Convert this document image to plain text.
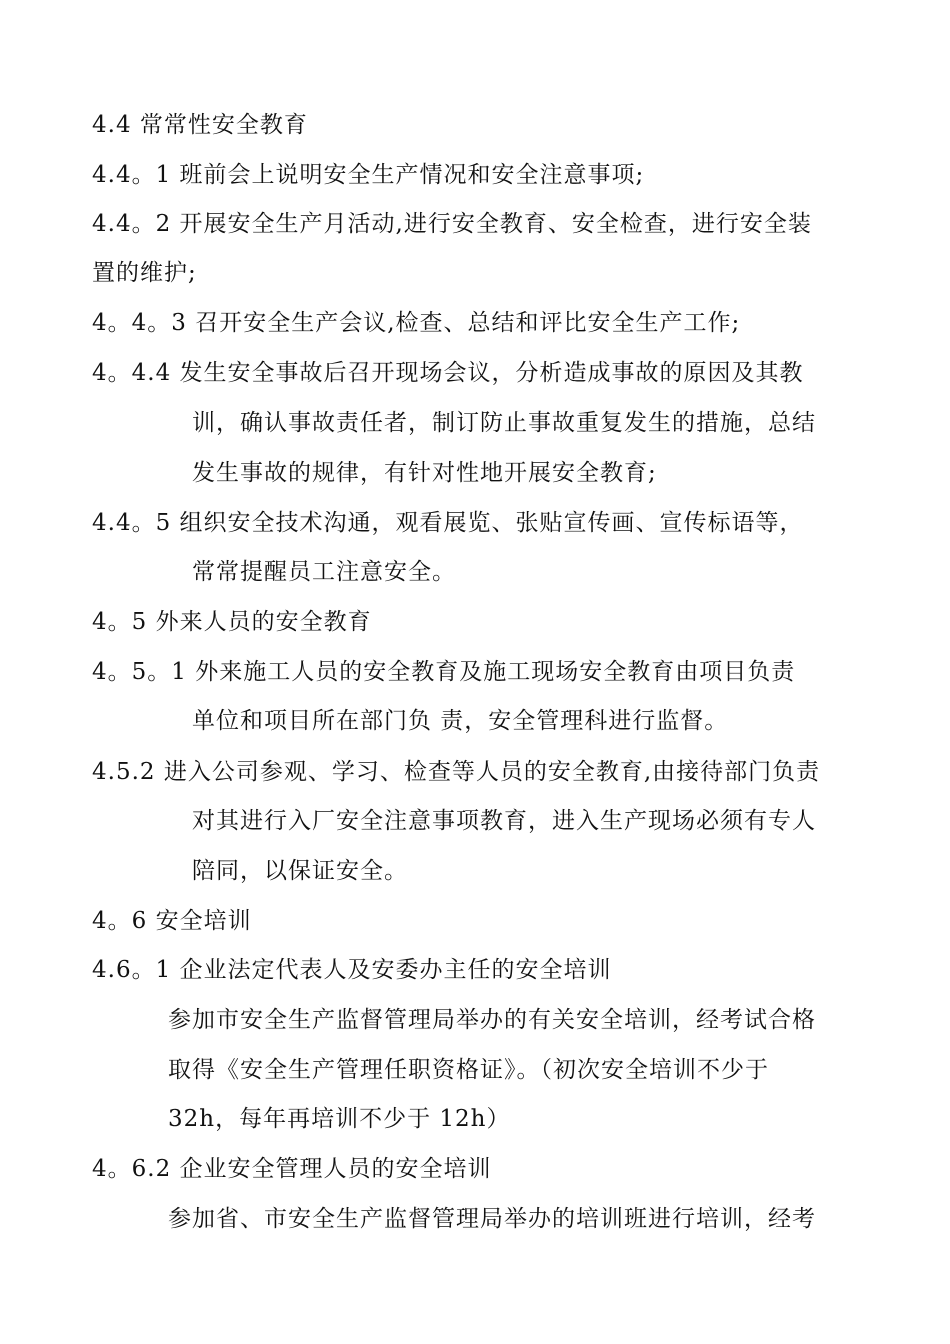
4.4 常常性安全教育
4.4。1 班前会上说明安全生产情况和安全注意事项;
4.4。2 开展安全生产月活动,进行安全教育、安全检查，进行安全装
置的维护;
4。4。3 召开安全生产会议,检查、总结和评比安全生产工作;
4。4.4 发生安全事故后召开现场会议，分析造成事故的原因及其教
训，确认事故责任者，制订防止事故重复发生的措施，总结
发生事故的规律，有针对性地开展安全教育;
4.4。5 组织安全技术沟通，观看展览、张贴宣传画、宣传标语等，
常常提醒员工注意安全。
4。5 外来人员的安全教育
4。5。1 外来施工人员的安全教育及施工现场安全教育由项目负责
单位和项目所在部门负 责，安全管理科进行监督。
4.5.2 进入公司参观、学习、检查等人员的安全教育,由接待部门负责
对其进行入厂安全注意事项教育，进入生产现场必须有专人
陪同，以保证安全。
4。6 安全培训
4.6。1 企业法定代表人及安委办主任的安全培训
参加市安全生产监督管理局举办的有关安全培训，经考试合格
取得《安全生产管理任职资格证》。（初次安全培训不少于
32h，每年再培训不少于 12h）
4。6.2 企业安全管理人员的安全培训
参加省、市安全生产监督管理局举办的培训班进行培训，经考
